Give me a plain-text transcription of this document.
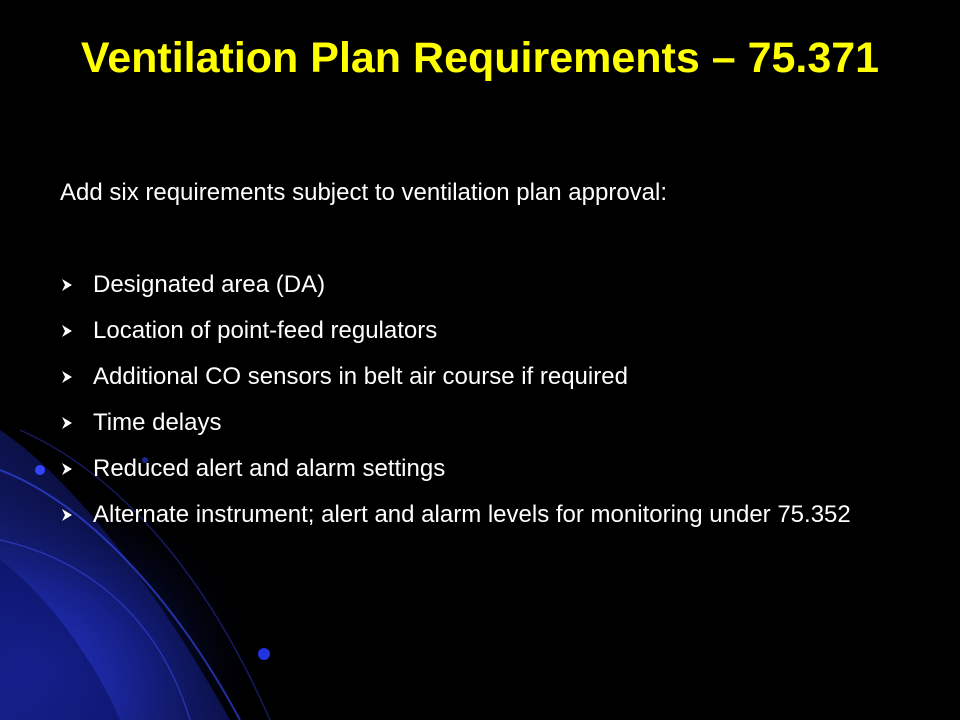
Ventilation Plan Requirements – 75.371

Add six requirements subject to ventilation plan approval:

Designated area (DA)
Location of point-feed regulators
Additional CO sensors in belt air course if required
Time delays
Reduced alert and alarm settings
Alternate instrument; alert and alarm levels for monitoring under 75.352
